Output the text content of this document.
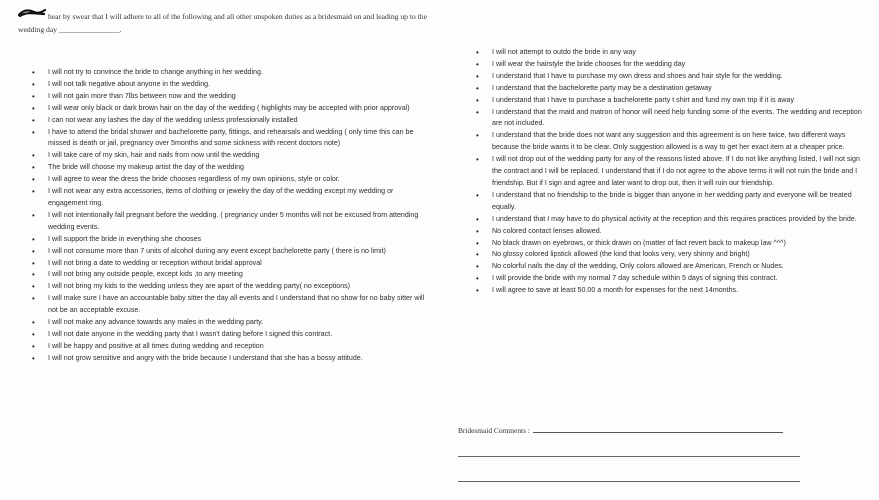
hear by swear that I will adhere to all of the following and all other unspoken duties as a bridesmaid on and leading up to the wedding day ________________.
• I will not try to convince the bride to change anything in her wedding.
• I will not talk negative about anyone in the wedding.
• I will not gain more than 7lbs between now and the wedding
• I will wear only black or dark brown hair on the day of the wedding ( highlights may be accepted with prior approval)
• I can not wear any lashes the day of the wedding unless professionally installed
• I have to attend the bridal shower and bachelorette party, fittings, and rehearsals and wedding ( only time this can be missed is death or jail, pregnancy over 5months and some sickness with recent doctors note)
• I will take care of my skin, hair and nails from now until the wedding
• The bride will choose my makeup artist the day of the wedding
• I will agree to wear the dress the bride chooses regardless of my own opinions, style or color.
• I will not wear any extra accessories, items of clothing or jewelry the day of the wedding except my wedding or engagement ring.
• I will not intentionally fall pregnant before the wedding. ( pregnancy under 5 months will not be excused from attending wedding events.
• I will support the bride in everything she chooses
• I will not consume more than 7 units of alcohol during any event except bachelorette party ( there is no limit)
• I will not bring a date to wedding or reception without bridal approval
• I will not bring any outside people, except kids ,to any meeting
• I will not bring my kids to the wedding unless they are apart of the wedding party( no exceptions)
• I will make sure I have an accountable baby sitter the day all events and I understand that no show for no baby sitter will not be an acceptable excuse.
• I will not make any advance towards any males in the wedding party.
• I will not date anyone in the wedding party that I wasn't dating before I signed this contract.
• I will be happy and positive at all times during wedding and reception
• I will not grow sensitive and angry with the bride because I understand that she has a bossy attitude.
• I will not attempt to outdo the bride in any way
• I will wear the hairstyle the bride chooses for the wedding day
• I understand that I have to purchase my own dress and shoes and hair style for the wedding.
• I understand that the bachelorette party may be a destination getaway
• I understand that I have to purchase a bachelorette party t shirt and fund my own trip if it is away
• I understand that the maid and matron of honor will need help funding some of the events. The wedding and reception are not included.
• I understand that the bride does not want any suggestion and this agreement is on here twice, two different ways because the bride wants it to be clear. Only suggestion allowed is a way to get her exact item at a cheaper price.
• I will not drop out of the wedding party for any of the reasons listed above. If I do not like anything listed, I will not sign the contract and I will be replaced. I understand that if I do not agree to the above terms it will not ruin the bride and I friendship. But if I sign and agree and later want to drop out, then it will ruin our friendship.
• I understand that no friendship to the bride is bigger than anyone in her wedding party and everyone will be treated equally.
• I understand that I may have to do physical activity at the reception and this requires practices provided by the bride.
• No colored contact lenses allowed.
• No black drawn on eyebrows, or thick drawn on (matter of fact revert back to makeup law ^^^)
• No glossy colored lipstick allowed (the kind that looks very, very shinny and bright)
• No colorful nails the day of the wedding, Only colors allowed are American, French or Nudes.
• I will provide the bride with my normal 7 day schedule within 5 days of signing this contract.
• I will agree to save at least 50.00 a month for expenses for the next 14months.
Bridesmaid Comments :
